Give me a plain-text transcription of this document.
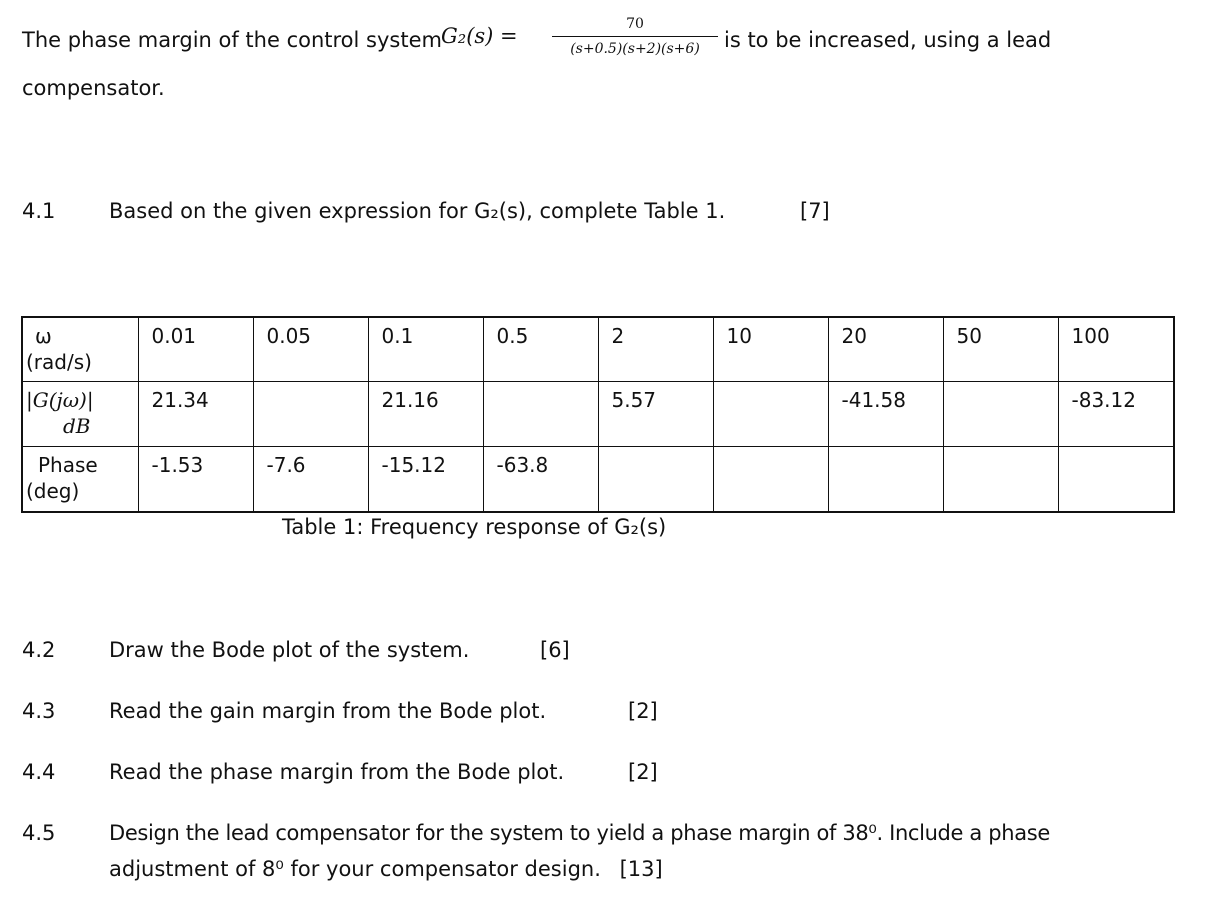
The phase margin of the control system G₂(s) =	70
(s+0.5)(s+2)(s+6)	is to be increased, using a lead
compensator.
4.1	Based on the given expression for G₂(s), complete Table 1.	[7]
ω
(rad/s)	0.01	0.05	0.1	0.5	2	10	20	50	100
|G(jω)|
dB	21.34		21.16		5.57		-41.58		-83.12
Phase
(deg)	-1.53	-7.6	-15.12	-63.8					
Table 1: Frequency response of G₂(s)
4.2	Draw the Bode plot of the system.	[6]
4.3	Read the gain margin from the Bode plot.	[2]
4.4	Read the phase margin from the Bode plot.	[2]
4.5	Design the lead compensator for the system to yield a phase margin of 38⁰. Include a phase
adjustment of 8⁰ for your compensator design. [13]
